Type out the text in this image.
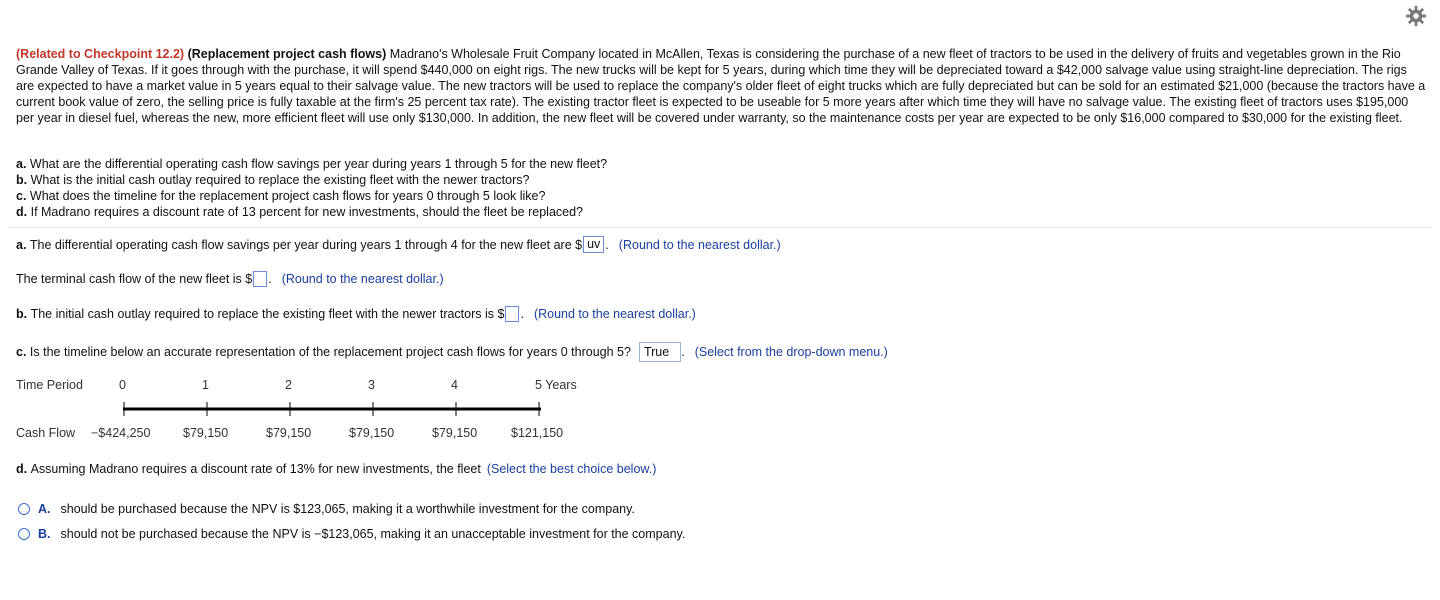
(Related to Checkpoint 12.2) (Replacement project cash flows) Madrano's Wholesale Fruit Company located in McAllen, Texas is considering the purchase of a new fleet of tractors to be used in the delivery of fruits and vegetables grown in the Rio Grande Valley of Texas. If it goes through with the purchase, it will spend $440,000 on eight rigs. The new trucks will be kept for 5 years, during which time they will be depreciated toward a $42,000 salvage value using straight-line depreciation. The rigs are expected to have a market value in 5 years equal to their salvage value. The new tractors will be used to replace the company's older fleet of eight trucks which are fully depreciated but can be sold for an estimated $21,000 (because the tractors have a current book value of zero, the selling price is fully taxable at the firm's 25 percent tax rate). The existing tractor fleet is expected to be useable for 5 more years after which time they will have no salvage value. The existing fleet of tractors uses $195,000 per year in diesel fuel, whereas the new, more efficient fleet will use only $130,000. In addition, the new fleet will be covered under warranty, so the maintenance costs per year are expected to be only $16,000 compared to $30,000 for the existing fleet.
a. What are the differential operating cash flow savings per year during years 1 through 5 for the new fleet?
b. What is the initial cash outlay required to replace the existing fleet with the newer tractors?
c. What does the timeline for the replacement project cash flows for years 0 through 5 look like?
d. If Madrano requires a discount rate of 13 percent for new investments, should the fleet be replaced?
a.
The differential operating cash flow savings per year during years 1 through 4 for the new fleet are $ uv . (Round to the nearest dollar.)
The terminal cash flow of the new fleet is $ . (Round to the nearest dollar.)
b.
The initial cash outlay required to replace the existing fleet with the newer tractors is $ . (Round to the nearest dollar.)
c.
Is the timeline below an accurate representation of the replacement project cash flows for years 0 through 5?	True . (Select from the drop-down menu.)
Time Period	0	1	2	3	4	5 Years
Cash Flow −$424,250	$79,150	$79,150	$79,150	$79,150	$121,150
d.
Assuming Madrano requires a discount rate of 13% for new investments, the fleet (Select the best choice below.)
A. should be purchased because the NPV is $123,065, making it a worthwhile investment for the company.
B. should not be purchased because the NPV is −$123,065, making it an unacceptable investment for the company.
